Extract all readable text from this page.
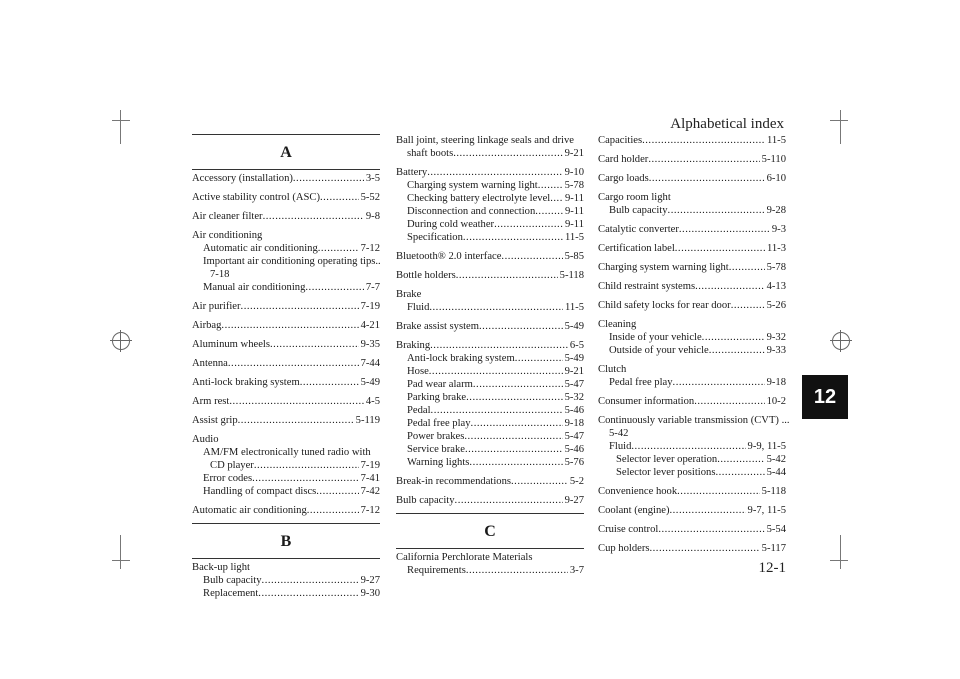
Alphabetical index
12-1
12
A
Accessory (installation) .....	3-5
Active stability control (ASC) .....	5-52
Air cleaner filter .....	9-8
Air conditioning
Automatic air conditioning .....	7-12
Important air conditioning operating tips..
7-18
Manual air conditioning .....	7-7
Air purifier .....	7-19
Airbag .....	4-21
Aluminum wheels .....	9-35
Antenna .....	7-44
Anti-lock braking system .....	5-49
Arm rest .....	4-5
Assist grip .....	5-119
Audio
AM/FM electronically tuned radio with
CD player .....	7-19
Error codes .....	7-41
Handling of compact discs .....	7-42
Automatic air conditioning .....	7-12
B
Back-up light
Bulb capacity .....	9-27
Replacement .....	9-30
Ball joint, steering linkage seals and drive
shaft boots .....	9-21
Battery .....	9-10
Charging system warning light .....	5-78
Checking battery electrolyte level ..... 9-11
Disconnection and connection .....	9-11
During cold weather .....	9-11
Specification .....	11-5
Bluetooth® 2.0 interface .....	5-85
Bottle holders .....	5-118
Brake
Fluid .....	11-5
Brake assist system .....	5-49
Braking .....	6-5
Anti-lock braking system .....	5-49
Hose .....	9-21
Pad wear alarm .....	5-47
Parking brake .....	5-32
Pedal .....	5-46
Pedal free play .....	9-18
Power brakes .....	5-47
Service brake .....	5-46
Warning lights .....	5-76
Break-in recommendations .....	5-2
Bulb capacity .....	9-27
C
California Perchlorate Materials
Requirements .....	3-7
Capacities .....	11-5
Card holder .....	5-110
Cargo loads .....	6-10
Cargo room light
Bulb capacity .....	9-28
Catalytic converter .....	9-3
Certification label .....	11-3
Charging system warning light .....	5-78
Child restraint systems .....	4-13
Child safety locks for rear door .....	5-26
Cleaning
Inside of your vehicle .....	9-32
Outside of your vehicle .....	9-33
Clutch
Pedal free play .....	9-18
Consumer information .....	10-2
Continuously variable transmission (CVT) ...
5-42
Fluid .....	9-9, 11-5
Selector lever operation .....	5-42
Selector lever positions .....	5-44
Convenience hook .....	5-118
Coolant (engine) .....	9-7, 11-5
Cruise control .....	5-54
Cup holders .....	5-117
